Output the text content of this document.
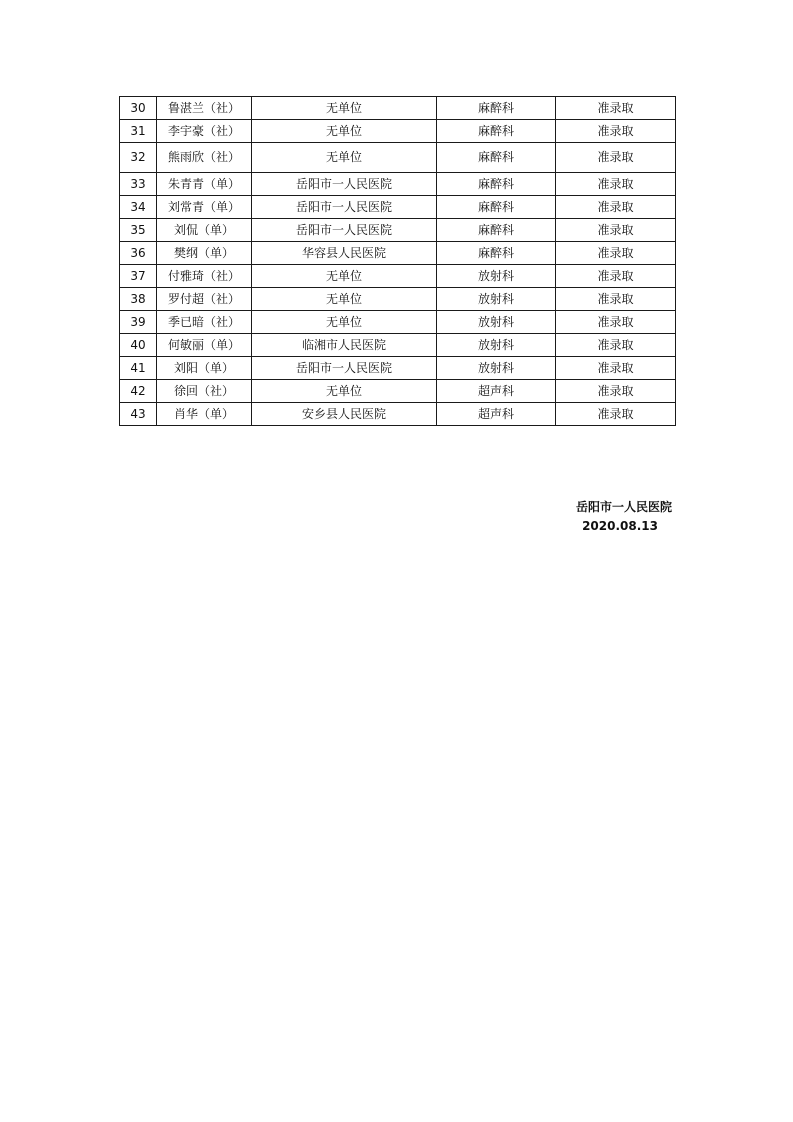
30	鲁湛兰（社）	无单位	麻醉科	准录取
31	李宇豪（社）	无单位	麻醉科	准录取
32	熊雨欣（社）	无单位	麻醉科	准录取
33	朱青青（单）	岳阳市一人民医院	麻醉科	准录取
34	刘常青（单）	岳阳市一人民医院	麻醉科	准录取
35	刘侃（单）	岳阳市一人民医院	麻醉科	准录取
36	樊纲（单）	华容县人民医院	麻醉科	准录取
37	付雅琦（社）	无单位	放射科	准录取
38	罗付超（社）	无单位	放射科	准录取
39	季已暗（社）	无单位	放射科	准录取
40	何敏丽（单）	临湘市人民医院	放射科	准录取
41	刘阳（单）	岳阳市一人民医院	放射科	准录取
42	徐回（社）	无单位	超声科	准录取
43	肖华（单）	安乡县人民医院	超声科	准录取
岳阳市一人民医院
2020.08.13
